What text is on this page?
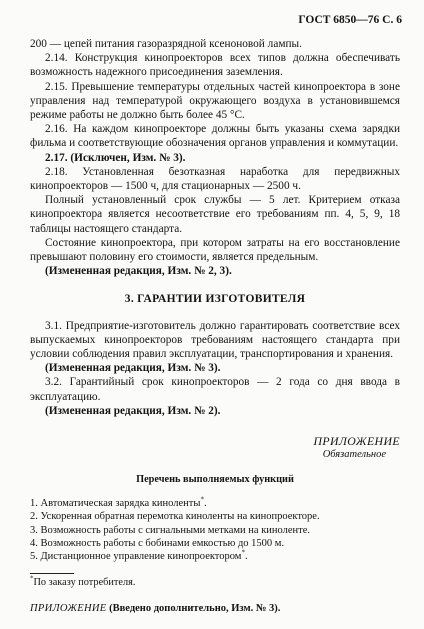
ГОСТ 6850—76 С. 6

200 — цепей питания газоразрядной ксеноновой лампы.

2.14. Конструкция кинопроекторов всех типов должна обеспечивать возможность надежного присоединения заземления.

2.15. Превышение температуры отдельных частей кинопроектора в зоне управления над температурой окружающего воздуха в установившемся режиме работы не должно быть более 45 °С.

2.16. На каждом кинопроекторе должны быть указаны схема зарядки фильма и соответствующие обозначения органов управления и коммутации.

2.17. (Исключен, Изм. № 3).

2.18. Установленная безотказная наработка для передвижных кинопроекторов — 1500 ч, для стационарных — 2500 ч.

Полный установленный срок службы — 5 лет. Критерием отказа кинопроектора является несоответствие его требованиям пп. 4, 5, 9, 18 таблицы настоящего стандарта.

Состояние кинопроектора, при котором затраты на его восстановление превышают половину его стоимости, является предельным.

(Измененная редакция, Изм. № 2, 3).

3. ГАРАНТИИ ИЗГОТОВИТЕЛЯ

3.1. Предприятие-изготовитель должно гарантировать соответствие всех выпускаемых кинопроекторов требованиям настоящего стандарта при условии соблюдения правил эксплуатации, транспортирования и хранения.

(Измененная редакция, Изм. № 3).

3.2. Гарантийный срок кинопроекторов — 2 года со дня ввода в эксплуатацию.

(Измененная редакция, Изм. № 2).

ПРИЛОЖЕНИЕ
Обязательное
Перечень выполняемых функций
1. Автоматическая зарядка киноленты*.
2. Ускоренная обратная перемотка киноленты на кинопроекторе.
3. Возможность работы с сигнальными метками на киноленте.
4. Возможность работы с бобинами емкостью до 1500 м.
5. Дистанционное управление кинопроектором*.
*По заказу потребителя.
ПРИЛОЖЕНИЕ (Введено дополнительно, Изм. № 3).
